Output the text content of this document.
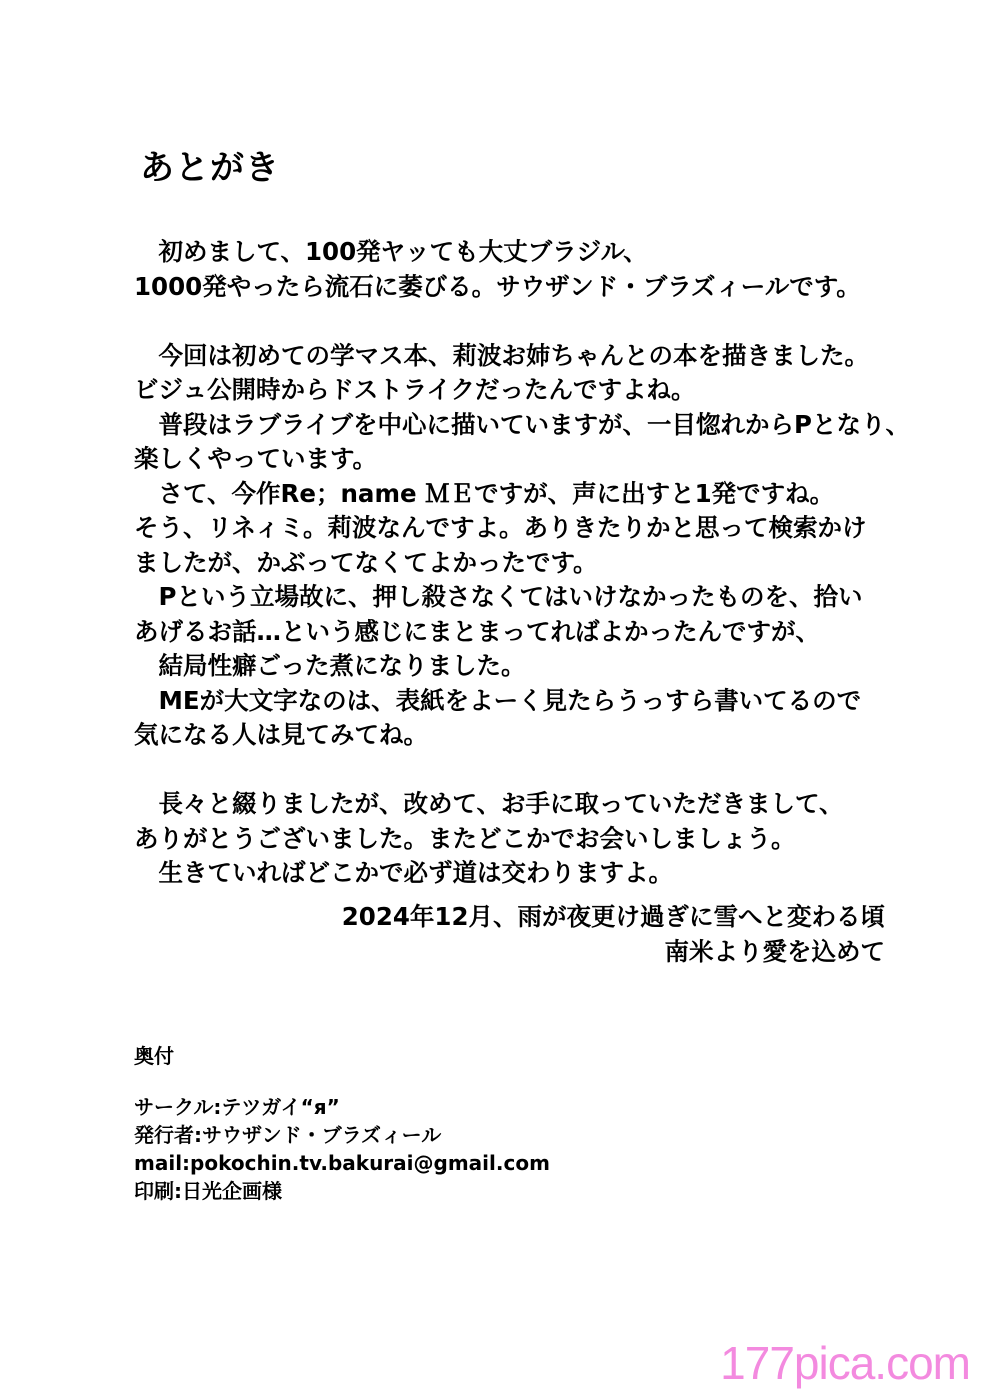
あとがき
　初めまして、100発ヤッても大丈ブラジル、
1000発やったら流石に萎びる。サウザンド・ブラズィールです。
　今回は初めての学マス本、莉波お姉ちゃんとの本を描きました。
ビジュ公開時からドストライクだったんですよね。
　普段はラブライブを中心に描いていますが、一目惚れからPとなり、
楽しくやっています。
　さて、今作Re；name ＭＥですが、声に出すと1発ですね。
そう、リネィミ。莉波なんですよ。ありきたりかと思って検索かけ
ましたが、かぶってなくてよかったです。
　Pという立場故に、押し殺さなくてはいけなかったものを、拾い
あげるお話…という感じにまとまってればよかったんですが、
　結局性癖ごった煮になりました。
　MEが大文字なのは、表紙をよーく見たらうっすら書いてるので
気になる人は見てみてね。
　長々と綴りましたが、改めて、お手に取っていただきまして、
ありがとうございました。またどこかでお会いしましょう。
　生きていればどこかで必ず道は交わりますよ。
2024年12月、雨が夜更け過ぎに雪へと変わる頃
南米より愛を込めて
奥付
サークル:テツガイ“я”
発行者:サウザンド・ブラズィール
mail:pokochin.tv.bakurai@gmail.com
印刷:日光企画様
177pica.com
